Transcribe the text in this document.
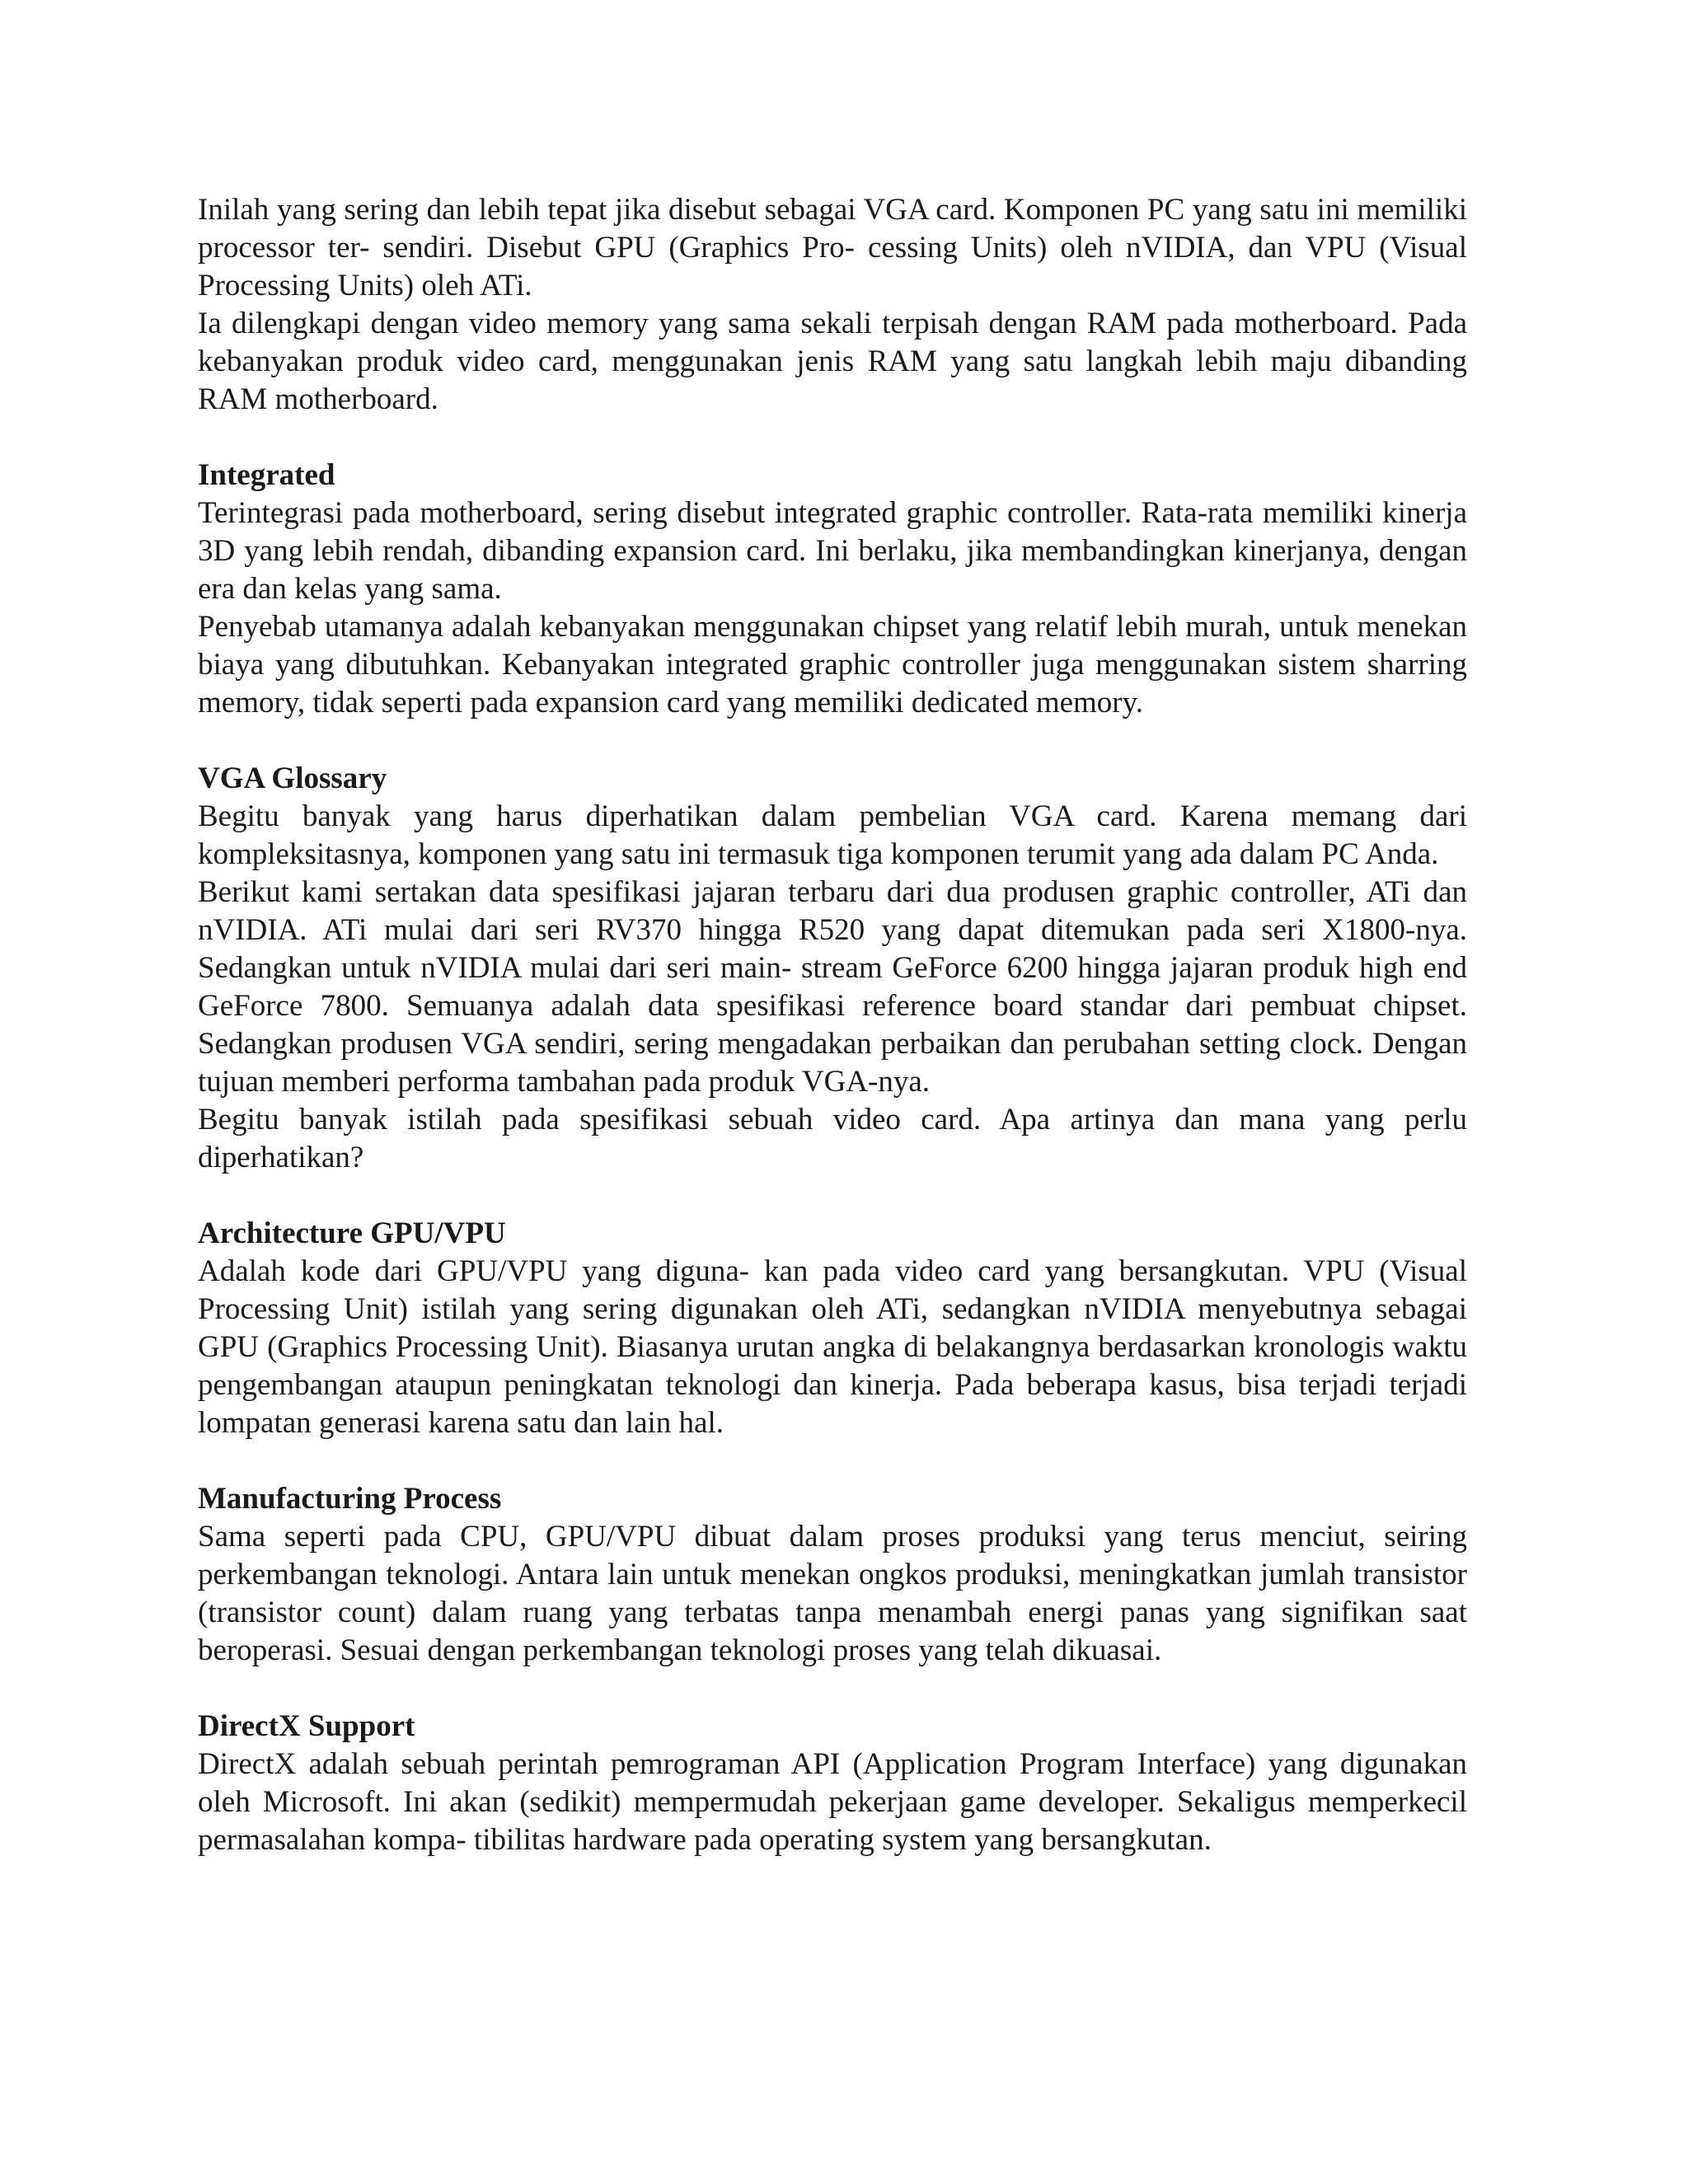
Inilah yang sering dan lebih tepat jika disebut sebagai VGA card. Komponen PC yang satu ini memiliki processor ter- sendiri. Disebut GPU (Graphics Pro- cessing Units) oleh nVIDIA, dan VPU (Visual Processing Units) oleh ATi.

Ia dilengkapi dengan video memory yang sama sekali terpisah dengan RAM pada motherboard. Pada kebanyakan produk video card, menggunakan jenis RAM yang satu langkah lebih maju dibanding RAM motherboard.

Integrated

Terintegrasi pada motherboard, sering disebut integrated graphic controller. Rata-rata memiliki kinerja 3D yang lebih rendah, dibanding expansion card. Ini berlaku, jika membandingkan kinerjanya, dengan era dan kelas yang sama.

Penyebab utamanya adalah kebanyakan menggunakan chipset yang relatif lebih murah, untuk menekan biaya yang dibutuhkan. Kebanyakan integrated graphic controller juga menggunakan sistem sharring memory, tidak seperti pada expansion card yang memiliki dedicated memory.

VGA Glossary

Begitu banyak yang harus diperhatikan dalam pembelian VGA card. Karena memang dari kompleksitasnya, komponen yang satu ini termasuk tiga komponen terumit yang ada dalam PC Anda.

Berikut kami sertakan data spesifikasi jajaran terbaru dari dua produsen graphic controller, ATi dan nVIDIA. ATi mulai dari seri RV370 hingga R520 yang dapat ditemukan pada seri X1800-nya. Sedangkan untuk nVIDIA mulai dari seri main- stream GeForce 6200 hingga jajaran produk high end GeForce 7800. Semuanya adalah data spesifikasi reference board standar dari pembuat chipset. Sedangkan produsen VGA sendiri, sering mengadakan perbaikan dan perubahan setting clock. Dengan tujuan memberi performa tambahan pada produk VGA-nya.

Begitu banyak istilah pada spesifikasi sebuah video card. Apa artinya dan mana yang perlu diperhatikan?

Architecture GPU/VPU

Adalah kode dari GPU/VPU yang diguna- kan pada video card yang bersangkutan. VPU (Visual Processing Unit) istilah yang sering digunakan oleh ATi, sedangkan nVIDIA menyebutnya sebagai GPU (Graphics Processing Unit). Biasanya urutan angka di belakangnya berdasarkan kronologis waktu pengembangan ataupun peningkatan teknologi dan kinerja. Pada beberapa kasus, bisa terjadi terjadi lompatan generasi karena satu dan lain hal.

Manufacturing Process

Sama seperti pada CPU, GPU/VPU dibuat dalam proses produksi yang terus menciut, seiring perkembangan teknologi. Antara lain untuk menekan ongkos produksi, meningkatkan jumlah transistor (transistor count) dalam ruang yang terbatas tanpa menambah energi panas yang signifikan saat beroperasi. Sesuai dengan perkembangan teknologi proses yang telah dikuasai.

DirectX Support

DirectX adalah sebuah perintah pemrograman API (Application Program Interface) yang digunakan oleh Microsoft. Ini akan (sedikit) mempermudah pekerjaan game developer. Sekaligus memperkecil permasalahan kompa- tibilitas hardware pada operating system yang bersangkutan.
